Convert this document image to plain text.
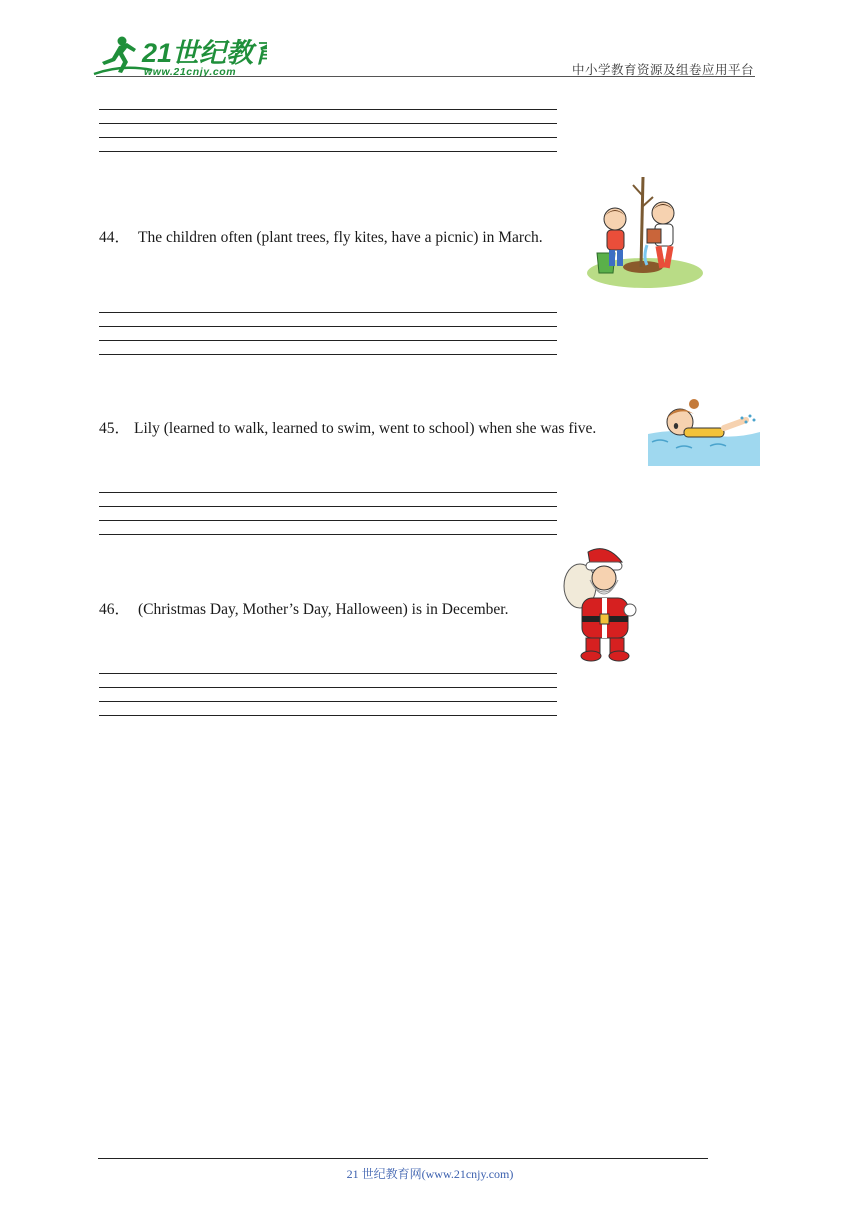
21世纪教育
www.21cnjy.com	中小学教育资源及组卷应用平台
44． The children often (plant trees, fly kites, have a picnic) in March.
45． Lily (learned to walk, learned to swim, went to school) when she was five.
46． (Christmas Day, Mother’s Day, Halloween) is in December.
21 世纪教育网(www.21cnjy.com)
